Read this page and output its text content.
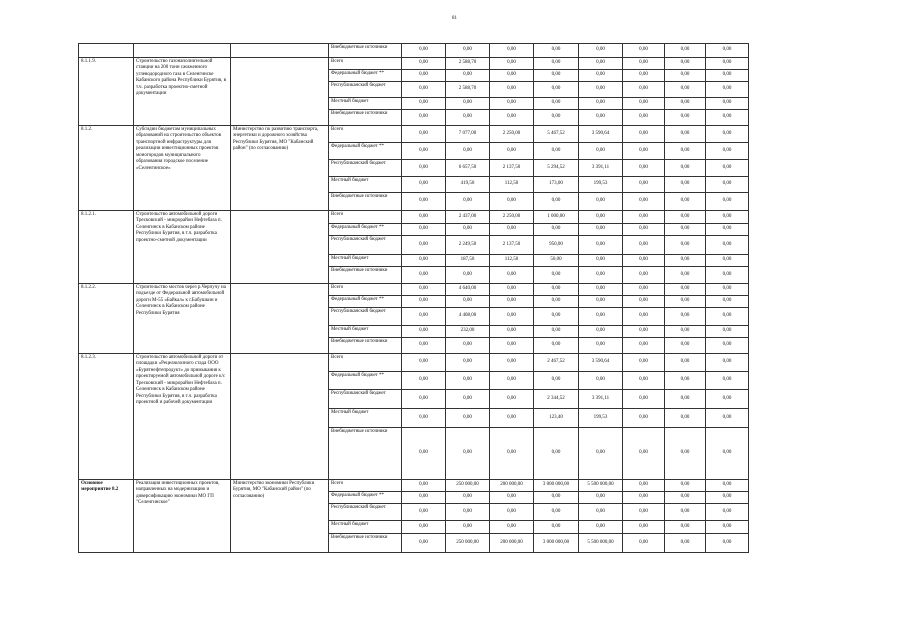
81
			Внебюджетные источники	0,00	0,00	0,00	0,00	0,00	0,00	0,00	0,00
8.1.1.9.	Строительство газонаполнительной станции на 200 тонн сжиженного углеводородного газа в Селенгинске Кабанского района Республики Бурятия, в т.ч. разработка проектно-сметной документации		Всего	0,00	2 588,70	0,00	0,00	0,00	0,00	0,00	0,00
			Федеральный бюджет **	0,00	0,00	0,00	0,00	0,00	0,00	0,00	0,00
			Республиканский бюджет	0,00	2 588,70	0,00	0,00	0,00	0,00	0,00	0,00
			Местный бюджет	0,00	0,00	0,00	0,00	0,00	0,00	0,00	0,00
			Внебюджетные источники	0,00	0,00	0,00	0,00	0,00	0,00	0,00	0,00
8.1.2.	Субсидии бюджетам муниципальных образований на строительство объектов транспортной инфраструктуры для реализации инвестиционных проектов моногородов муниципального образования городское поселение «Селенгинское»	Министерство по развитию транспорта, энергетики и дорожного хозяйства Республики Бурятия, МО "Кабанский район" (по согласованию)	Всего	0,00	7 077,00	2 250,00	5 467,52	3 590,64	0,00	0,00	0,00
			Федеральный бюджет **	0,00	0,00	0,00	0,00	0,00	0,00	0,00	0,00
			Республиканский бюджет	0,00	6 657,50	2 137,50	5 294,52	3 391,11	0,00	0,00	0,00
			Местный бюджет	0,00	419,50	112,50	173,00	199,53	0,00	0,00	0,00
			Внебюджетные источники	0,00	0,00	0,00	0,00	0,00	0,00	0,00	0,00
8.1.2.1.	Строительство автомобильной дороги Тресковский - микрорайон Нефтебаза п. Селенгинск в Кабанском районе Республики Бурятия, в т.ч. разработка проектно-сметной документации		Всего	0,00	2 437,00	2 250,00	1 000,00	0,00	0,00	0,00	0,00
			Федеральный бюджет **	0,00	0,00	0,00	0,00	0,00	0,00	0,00	0,00
			Республиканский бюджет	0,00	2 249,50	2 137,50	950,00	0,00	0,00	0,00	0,00
			Местный бюджет	0,00	187,50	112,50	50,00	0,00	0,00	0,00	0,00
			Внебюджетные источники	0,00	0,00	0,00	0,00	0,00	0,00	0,00	0,00
8.1.2.2.	Строительство мостов через р.Черпучу на подъезде от Федеральной автомобильной дороги М-55 «Байкал» к г.Бабушкин и Селенгинск в Кабанском районе Республики Бурятия		Всего	0,00	4 640,00	0,00	0,00	0,00	0,00	0,00	0,00
			Федеральный бюджет **	0,00	0,00	0,00	0,00	0,00	0,00	0,00	0,00
			Республиканский бюджет	0,00	4 408,00	0,00	0,00	0,00	0,00	0,00	0,00
			Местный бюджет	0,00	232,00	0,00	0,00	0,00	0,00	0,00	0,00
			Внебюджетные источники	0,00	0,00	0,00	0,00	0,00	0,00	0,00	0,00
8.1.2.3.	Строительство автомобильной дороги от площадки «Рецелюлозного стада ООО «Бурятнефтепродукт» до примыкания к проектируемой автомобильной дороге к/с Тресковский - микрорайон Нефтебаза п. Селенгинск в Кабанском районе Республики Бурятия, в т.ч. разработка проектной и рабочей документации		Всего	0,00	0,00	0,00	2 467,52	3 590,64	0,00	0,00	0,00
			Федеральный бюджет **	0,00	0,00	0,00	0,00	0,00	0,00	0,00	0,00
			Республиканский бюджет	0,00	0,00	0,00	2 344,52	3 391,11	0,00	0,00	0,00
			Местный бюджет	0,00	0,00	0,00	123,40	199,53	0,00	0,00	0,00
			Внебюджетные источники	0,00	0,00	0,00	0,00	0,00	0,00	0,00	0,00
Основное мероприятие 8.2	Реализация инвестиционных проектов, направленных на модернизацию и диверсификацию экономики МО ГП "Селенгинское"	Министерство экономики Республики Бурятия, МО "Кабанский район" (по согласованию)	Всего	0,00	250 000,00	200 000,00	3 000 000,00	5 500 000,00	0,00	0,00	0,00
			Федеральный бюджет **	0,00	0,00	0,00	0,00	0,00	0,00	0,00	0,00
			Республиканский бюджет	0,00	0,00	0,00	0,00	0,00	0,00	0,00	0,00
			Местный бюджет	0,00	0,00	0,00	0,00	0,00	0,00	0,00	0,00
			Внебюджетные источники	0,00	250 000,00	200 000,00	3 000 000,00	5 500 000,00	0,00	0,00	0,00
